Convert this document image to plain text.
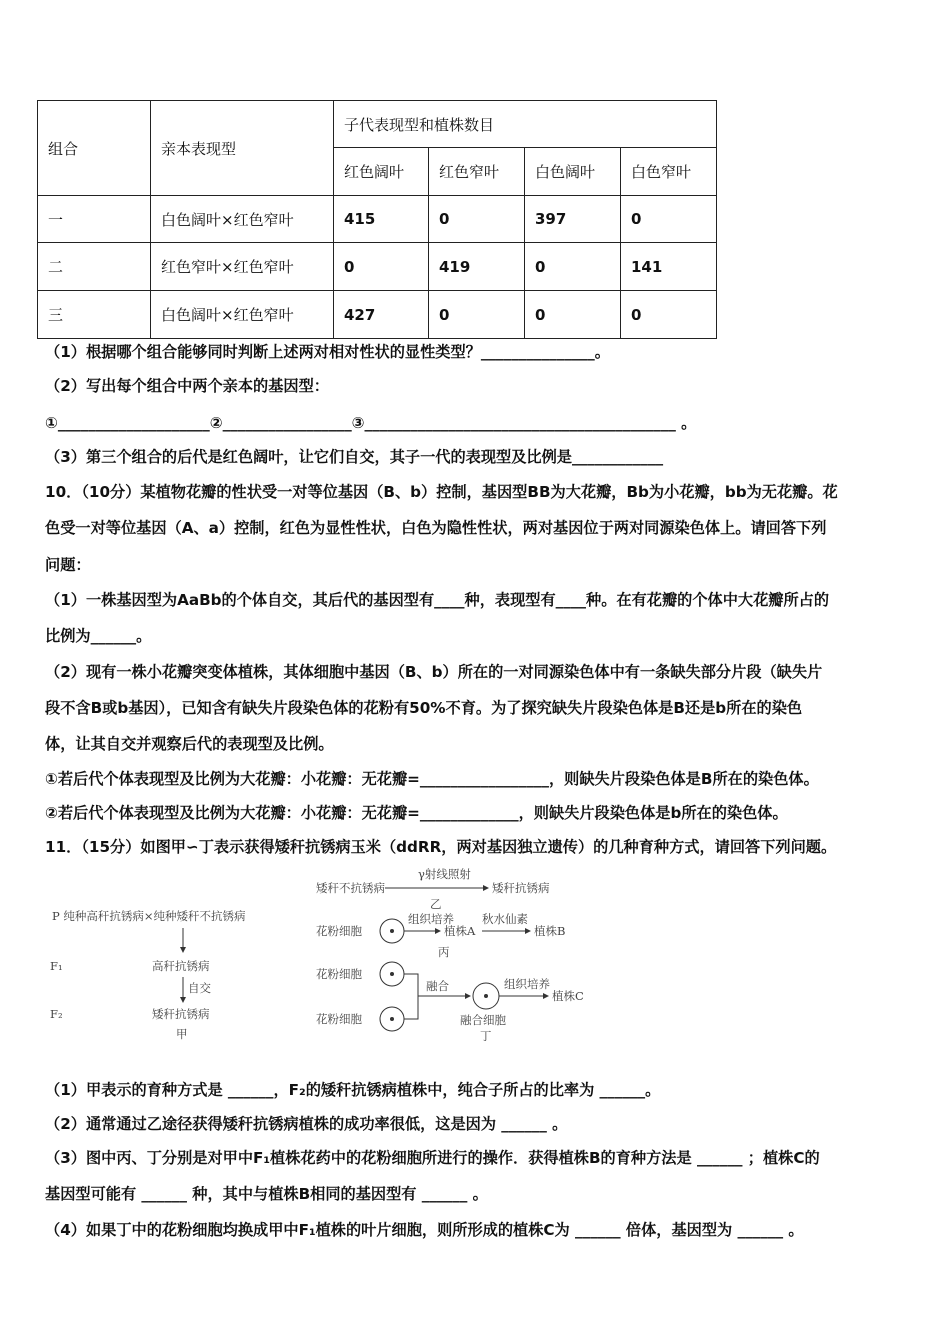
组合	亲本表现型	子代表现型和植株数目			
		红色阔叶	红色窄叶	白色阔叶	白色窄叶
一	白色阔叶×红色窄叶	415	0	397	0
二	红色窄叶×红色窄叶	0	419	0	141
三	白色阔叶×红色窄叶	427	0	0	0
（1）根据哪个组合能够同时判断上述两对相对性状的显性类型？_______________。
（2）写出每个组合中两个亲本的基因型：
①____________________②_________________③_________________________________________ 。
（3）第三个组合的后代是红色阔叶，让它们自交，其子一代的表现型及比例是____________
10．（10分）某植物花瓣的性状受一对等位基因（B、b）控制，基因型BB为大花瓣，Bb为小花瓣，bb为无花瓣。花
色受一对等位基因（A、a）控制，红色为显性性状，白色为隐性性状，两对基因位于两对同源染色体上。请回答下列
问题：
（1）一株基因型为AaBb的个体自交，其后代的基因型有____种，表现型有____种。在有花瓣的个体中大花瓣所占的
比例为______。
（2）现有一株小花瓣突变体植株，其体细胞中基因（B、b）所在的一对同源染色体中有一条缺失部分片段（缺失片
段不含B或b基因），已知含有缺失片段染色体的花粉有50%不育。为了探究缺失片段染色体是B还是b所在的染色
体，让其自交并观察后代的表现型及比例。
①若后代个体表现型及比例为大花瓣：小花瓣：无花瓣=_________________，则缺失片段染色体是B所在的染色体。
②若后代个体表现型及比例为大花瓣：小花瓣：无花瓣=_____________，则缺失片段染色体是b所在的染色体。
11．（15分）如图甲∽丁表示获得矮秆抗锈病玉米（ddRR，两对基因独立遗传）的几种育种方式，请回答下列问题。
P 纯种高秆抗锈病×纯种矮秆不抗锈病
F₁	高秆抗锈病
自交
F₂	矮秆抗锈病
甲
矮秆不抗锈病
γ射线照射
矮秆抗锈病
乙
花粉细胞
组织培养
植株A
秋水仙素
植株B
丙
花粉细胞
花粉细胞
融合	组织培养
植株C
融合细胞
丁
（1）甲表示的育种方式是 ______，F₂的矮秆抗锈病植株中，纯合子所占的比率为 ______。
（2）通常通过乙途径获得矮秆抗锈病植株的成功率很低，这是因为 ______ 。
（3）图中丙、丁分别是对甲中F₁植株花药中的花粉细胞所进行的操作．获得植株B的育种方法是 ______ ；植株C的
基因型可能有 ______ 种，其中与植株B相同的基因型有 ______ 。
（4）如果丁中的花粉细胞均换成甲中F₁植株的叶片细胞，则所形成的植株C为 ______ 倍体，基因型为 ______ 。
